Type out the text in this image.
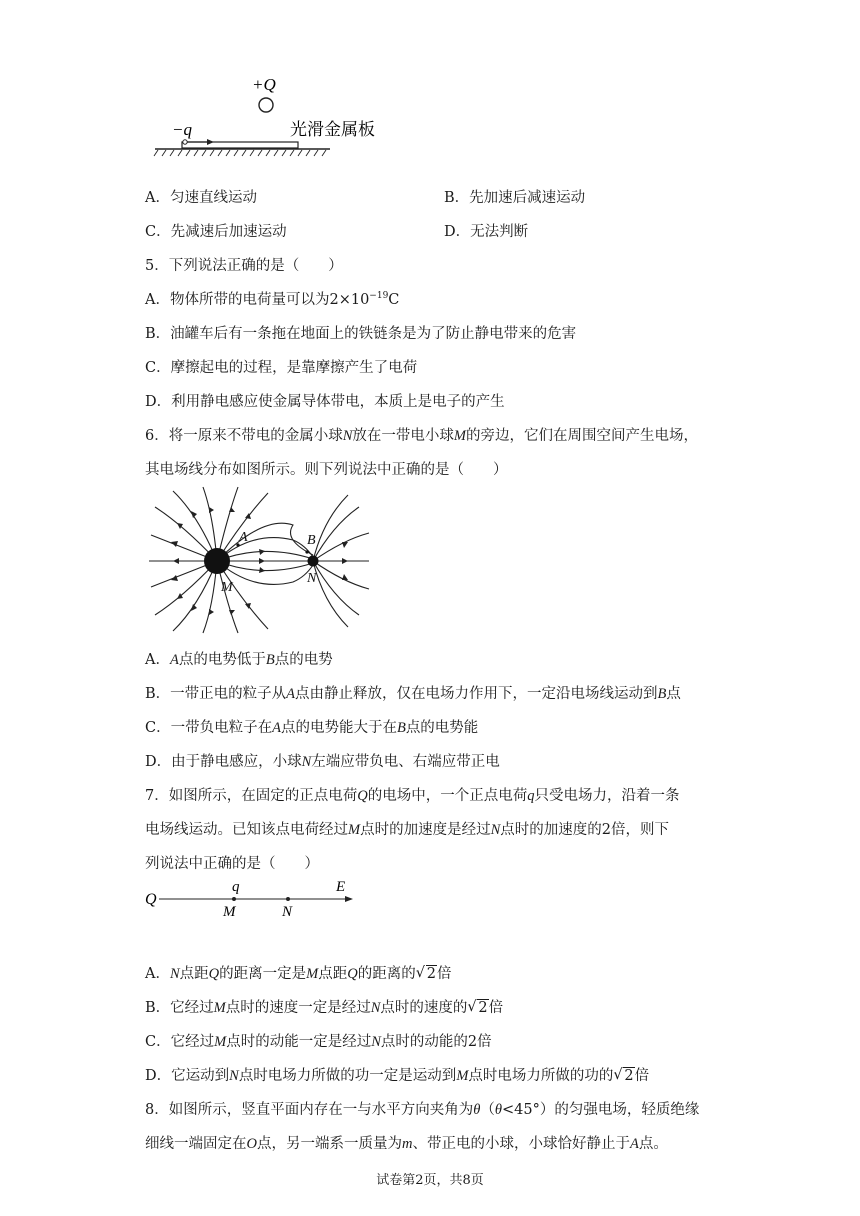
+Q
−q	光滑金属板
A．匀速直线运动	B．先加速后减速运动
C．先减速后加速运动	D．无法判断
5．下列说法正确的是（　　）
A．物体所带的电荷量可以为$2\times 10^{-19}C$
B．油罐车后有一条拖在地面上的铁链条是为了防止静电带来的危害
C．摩擦起电的过程，是靠摩擦产生了电荷
D．利用静电感应使金属导体带电，本质上是电子的产生
6．将一原来不带电的金属小球N放在一带电小球M的旁边，它们在周围空间产生电场，
其电场线分布如图所示。则下列说法中正确的是（　　）
A	B
M
N
A．A点的电势低于B点的电势
B．一带正电的粒子从A点由静止释放，仅在电场力作用下，一定沿电场线运动到B点
C．一带负电粒子在A点的电势能大于在B点的电势能
D．由于静电感应，小球N左端应带负电、右端应带正电
7．如图所示，在固定的正点电荷Q的电场中，一个正点电荷q只受电场力，沿着一条
电场线运动。已知该点电荷经过M点时的加速度是经过N点时的加速度的2倍，则下
列说法中正确的是（　　）
Q
q
M	N
E
A．N点距Q的距离一定是M点距Q的距离的 √ 2倍
B．它经过M点时的速度一定是经过N点时的速度的 √ 2倍
C．它经过M点时的动能一定是经过N点时的动能的2倍
D．它运动到N点时电场力所做的功一定是运动到M点时电场力所做的功的 √ 2倍
8．如图所示，竖直平面内存在一与水平方向夹角为θ（θ<45°）的匀强电场，轻质绝缘
细线一端固定在O点，另一端系一质量为m、带正电的小球，小球恰好静止于A点。
试卷第2页，共8页
